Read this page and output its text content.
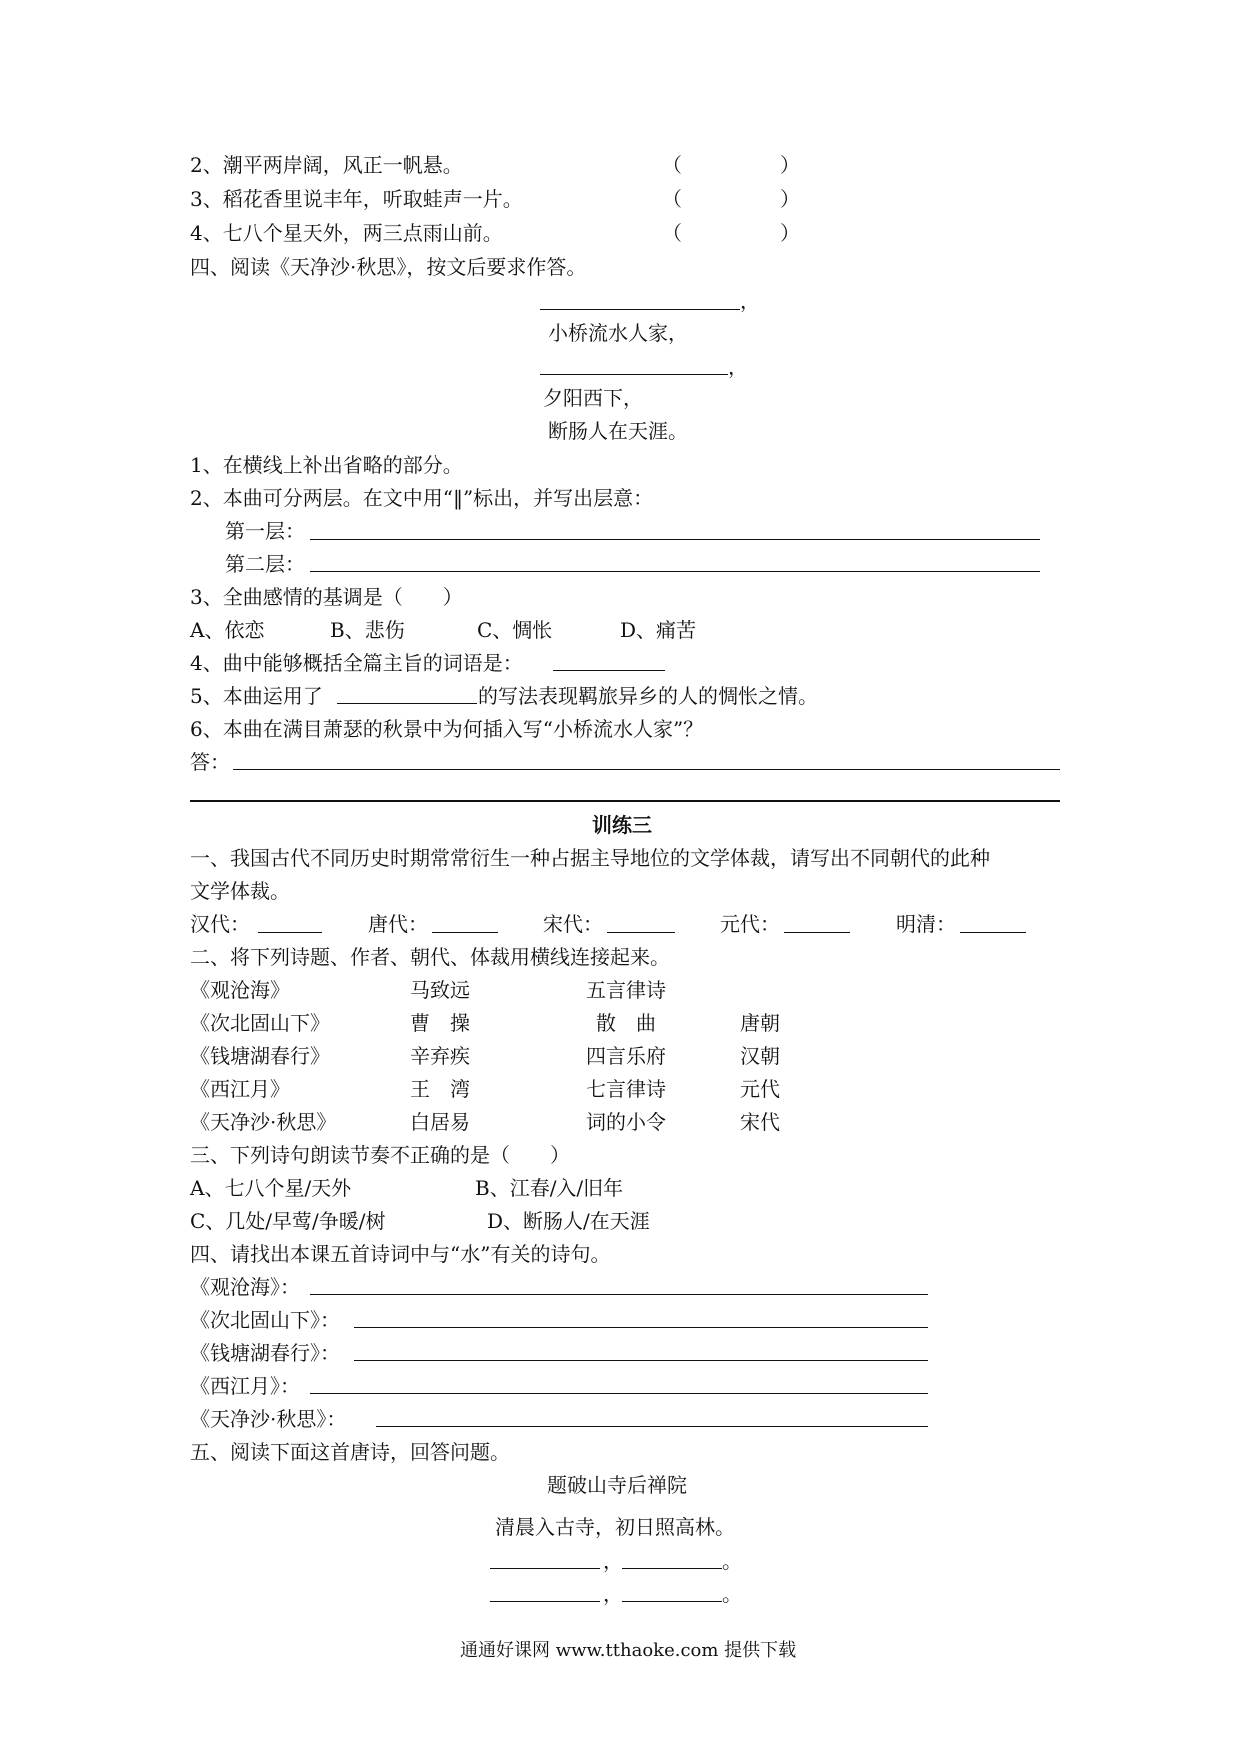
2、潮平两岸阔，风正一帆悬。	（	）
3、稻花香里说丰年，听取蛙声一片。	（	）
4、七八个星天外，两三点雨山前。	（	）
四、阅读《天净沙·秋思》，按文后要求作答。
，
小桥流水人家，
，
夕阳西下，
断肠人在天涯。
1、在横线上补出省略的部分。
2、本曲可分两层。在文中用“‖”标出，并写出层意：
第一层：
第二层：
3、全曲感情的基调是（　　）
A、依恋	B、悲伤	C、惆怅	D、痛苦
4、曲中能够概括全篇主旨的词语是：
5、本曲运用了	的写法表现羁旅异乡的人的惆怅之情。
6、本曲在满目萧瑟的秋景中为何插入写“小桥流水人家”？
答：
训练三
一、我国古代不同历史时期常常衍生一种占据主导地位的文学体裁，请写出不同朝代的此种
文学体裁。
汉代：	唐代：	宋代：	元代：	明清：
二、将下列诗题、作者、朝代、体裁用横线连接起来。
《观沧海》	马致远	五言律诗
《次北固山下》	曹　操	散　曲	唐朝
《钱塘湖春行》	辛弃疾	四言乐府	汉朝
《西江月》	王　湾	七言律诗	元代
《天净沙·秋思》	白居易	词的小令	宋代
三、下列诗句朗读节奏不正确的是（　　）
A、七八个星/天外	B、江春/入/旧年
C、几处/早莺/争暖/树	D、断肠人/在天涯
四、请找出本课五首诗词中与“水”有关的诗句。
《观沧海》：
《次北固山下》：
《钱塘湖春行》：
《西江月》：
《天净沙·秋思》：
五、阅读下面这首唐诗，回答问题。
题破山寺后禅院
清晨入古寺，初日照高林。
，	。
，	。
通通好课网 www.tthaoke.com 提供下载
